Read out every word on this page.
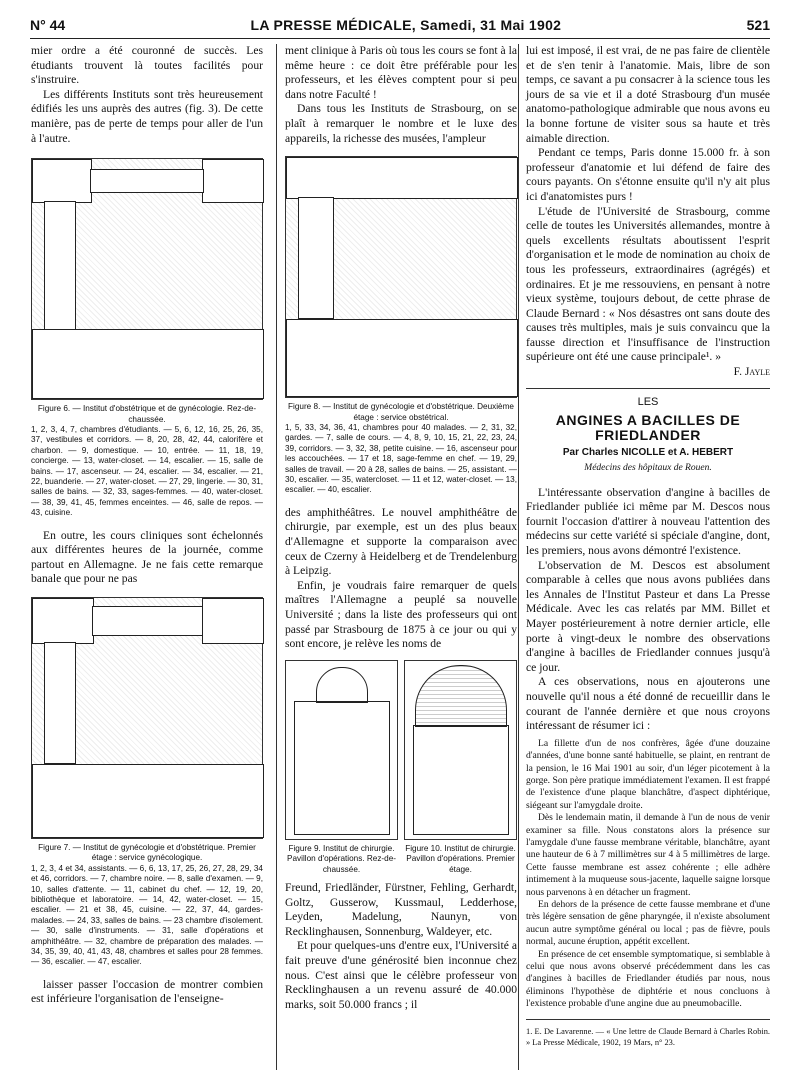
N° 44	LA PRESSE MÉDICALE, Samedi, 31 Mai 1902	521

mier ordre a été couronné de succès. Les étudiants trouvent là toutes facilités pour s'instruire.

Les différents Instituts sont très heureusement édifiés les uns auprès des autres (fig. 3). De cette manière, pas de perte de temps pour aller de l'un à l'autre.

Figure 6. — Institut d'obstétrique et de gynécologie. Rez-de-chaussée.
1, 2, 3, 4, 7, chambres d'étudiants. — 5, 6, 12, 16, 25, 26, 35, 37, vestibules et corridors. — 8, 20, 28, 42, 44, calorifère et charbon. — 9, domestique. — 10, entrée. — 11, 18, 19, concierge. — 13, water-closet. — 14, escalier. — 15, salle de bains. — 17, ascenseur. — 24, escalier. — 34, escalier. — 21, 22, buanderie. — 27, water-closet. — 27, 29, lingerie. — 30, 31, salles de bains. — 32, 33, sages-femmes. — 40, water-closet. — 38, 39, 41, 45, femmes enceintes. — 46, salle de repos. — 43, cuisine.

En outre, les cours cliniques sont échelonnés aux différentes heures de la journée, comme partout en Allemagne. Je ne fais cette remarque banale que pour ne pas

Figure 7. — Institut de gynécologie et d'obstétrique. Premier étage : service gynécologique.
1, 2, 3, 4 et 34, assistants. — 6, 6, 13, 17, 25, 26, 27, 28, 29, 34 et 46, corridors. — 7, chambre noire. — 8, salle d'examen. — 9, 10, salles d'attente. — 11, cabinet du chef. — 12, 19, 20, bibliothèque et laboratoire. — 14, 42, water-closet. — 15, escalier. — 21 et 38, 45, cuisine. — 22, 37, 44, gardes-malades. — 24, 33, salles de bains. — 23 chambre d'isolement. — 30, salle d'instruments. — 31, salle d'opérations et amphithéâtre. — 32, chambre de préparation des malades. — 34, 35, 39, 40, 41, 43, 48, chambres et salles pour 28 femmes. — 36, escalier. — 47, escalier.

laisser passer l'occasion de montrer combien est inférieure l'organisation de l'enseigne-

ment clinique à Paris où tous les cours se font à la même heure : ce doit être préférable pour les professeurs, et les élèves comptent pour si peu dans notre Faculté !

Dans tous les Instituts de Strasbourg, on se plaît à remarquer le nombre et le luxe des appareils, la richesse des musées, l'ampleur

Figure 8. — Institut de gynécologie et d'obstétrique. Deuxième étage : service obstétrical.
1, 5, 33, 34, 36, 41, chambres pour 40 malades. — 2, 31, 32, gardes. — 7, salle de cours. — 4, 8, 9, 10, 15, 21, 22, 23, 24, 39, corridors. — 3, 32, 38, petite cuisine. — 16, ascenseur pour les accouchées. — 17 et 18, sage-femme en chef. — 19, 29, salles de travail. — 20 à 28, salles de bains. — 25, assistant. — 30, escalier. — 35, watercloset. — 11 et 12, water-closet. — 13, escalier. — 40, escalier.

des amphithéâtres. Le nouvel amphithéâtre de chirurgie, par exemple, est un des plus beaux d'Allemagne et supporte la comparaison avec ceux de Czerny à Heidelberg et de Trendelenburg à Leipzig.

Enfin, je voudrais faire remarquer de quels maîtres l'Allemagne a peuplé sa nouvelle Université ; dans la liste des professeurs qui ont passé par Strasbourg de 1875 à ce jour ou qui y sont encore, je relève les noms de

Figure 9. Institut de chirurgie. Pavillon d'opérations. Rez-de-chaussée.
Figure 10. Institut de chirurgie. Pavillon d'opérations. Premier étage.

Freund, Friedländer, Fürstner, Fehling, Gerhardt, Goltz, Gusserow, Kussmaul, Ledderhose, Leyden, Madelung, Naunyn, von Recklinghausen, Sonnenburg, Waldeyer, etc.

Et pour quelques-uns d'entre eux, l'Université a fait preuve d'une générosité bien inconnue chez nous. C'est ainsi que le célèbre professeur von Recklinghausen a un revenu assuré de 40.000 marks, soit 50.000 francs ; il

lui est imposé, il est vrai, de ne pas faire de clientèle et de s'en tenir à l'anatomie. Mais, libre de son temps, ce savant a pu consacrer à la science tous les jours de sa vie et il a doté Strasbourg d'un musée anatomo-pathologique admirable que nous avons eu la bonne fortune de visiter sous sa haute et très aimable direction.

Pendant ce temps, Paris donne 15.000 fr. à son professeur d'anatomie et lui défend de faire des cours payants. On s'étonne ensuite qu'il n'y ait plus ici d'anatomistes purs !

L'étude de l'Université de Strasbourg, comme celle de toutes les Universités allemandes, montre à quels excellents résultats aboutissent l'esprit d'organisation et le mode de nomination au choix de tous les professeurs, extraordinaires (agrégés) et ordinaires. Et je me ressouviens, en pensant à notre vieux système, toujours debout, de cette phrase de Claude Bernard : « Nos désastres ont sans doute des causes très multiples, mais je suis convaincu que la fausse direction et l'insuffisance de l'instruction supérieure ont été une cause principale¹. »

F. Jayle
LES
ANGINES A BACILLES DE FRIEDLANDER
Par Charles NICOLLE et A. HEBERT
Médecins des hôpitaux de Rouen.

L'intéressante observation d'angine à bacilles de Friedlander publiée ici même par M. Descos nous fournit l'occasion d'attirer à nouveau l'attention des médecins sur cette variété si spéciale d'angine, dont, les premiers, nous avons démontré l'existence.

L'observation de M. Descos est absolument comparable à celles que nous avons publiées dans les Annales de l'Institut Pasteur et dans La Presse Médicale. Avec les cas relatés par MM. Billet et Mayer postérieurement à notre dernier article, elle porte à vingt-deux le nombre des observations d'angine à bacilles de Friedlander connues jusqu'à ce jour.

A ces observations, nous en ajouterons une nouvelle qu'il nous a été donné de recueillir dans le courant de l'année dernière et que nous croyons intéressant de résumer ici :

La fillette d'un de nos confrères, âgée d'une douzaine d'années, d'une bonne santé habituelle, se plaint, en rentrant de la pension, le 16 Mai 1901 au soir, d'un léger picotement à la gorge. Son père pratique immédiatement l'examen. Il est frappé de l'existence d'une plaque blanchâtre, d'aspect diphtérique, siégeant sur l'amygdale droite.

Dès le lendemain matin, il demande à l'un de nous de venir examiner sa fille. Nous constatons alors la présence sur l'amygdale d'une fausse membrane véritable, blanchâtre, ayant une hauteur de 6 à 7 millimètres sur 4 à 5 millimètres de large. Cette fausse membrane est assez cohérente ; elle adhère intimement à la muqueuse sous-jacente, laquelle saigne lorsque nous parvenons à en détacher un fragment.

En dehors de la présence de cette fausse membrane et d'une très légère sensation de gêne pharyngée, il n'existe absolument aucun autre symptôme général ou local ; pas de fièvre, pouls normal, aucune éruption, appétit excellent.

En présence de cet ensemble symptomatique, si semblable à celui que nous avons observé précédemment dans les cas d'angines à bacilles de Friedlander étudiés par nous, nous éliminons l'hypothèse de diphtérie et nous concluons à l'existence probable d'une angine due au pneumobacille.

1. E. De Lavarenne. — « Une lettre de Claude Bernard à Charles Robin. » La Presse Médicale, 1902, 19 Mars, n° 23.
